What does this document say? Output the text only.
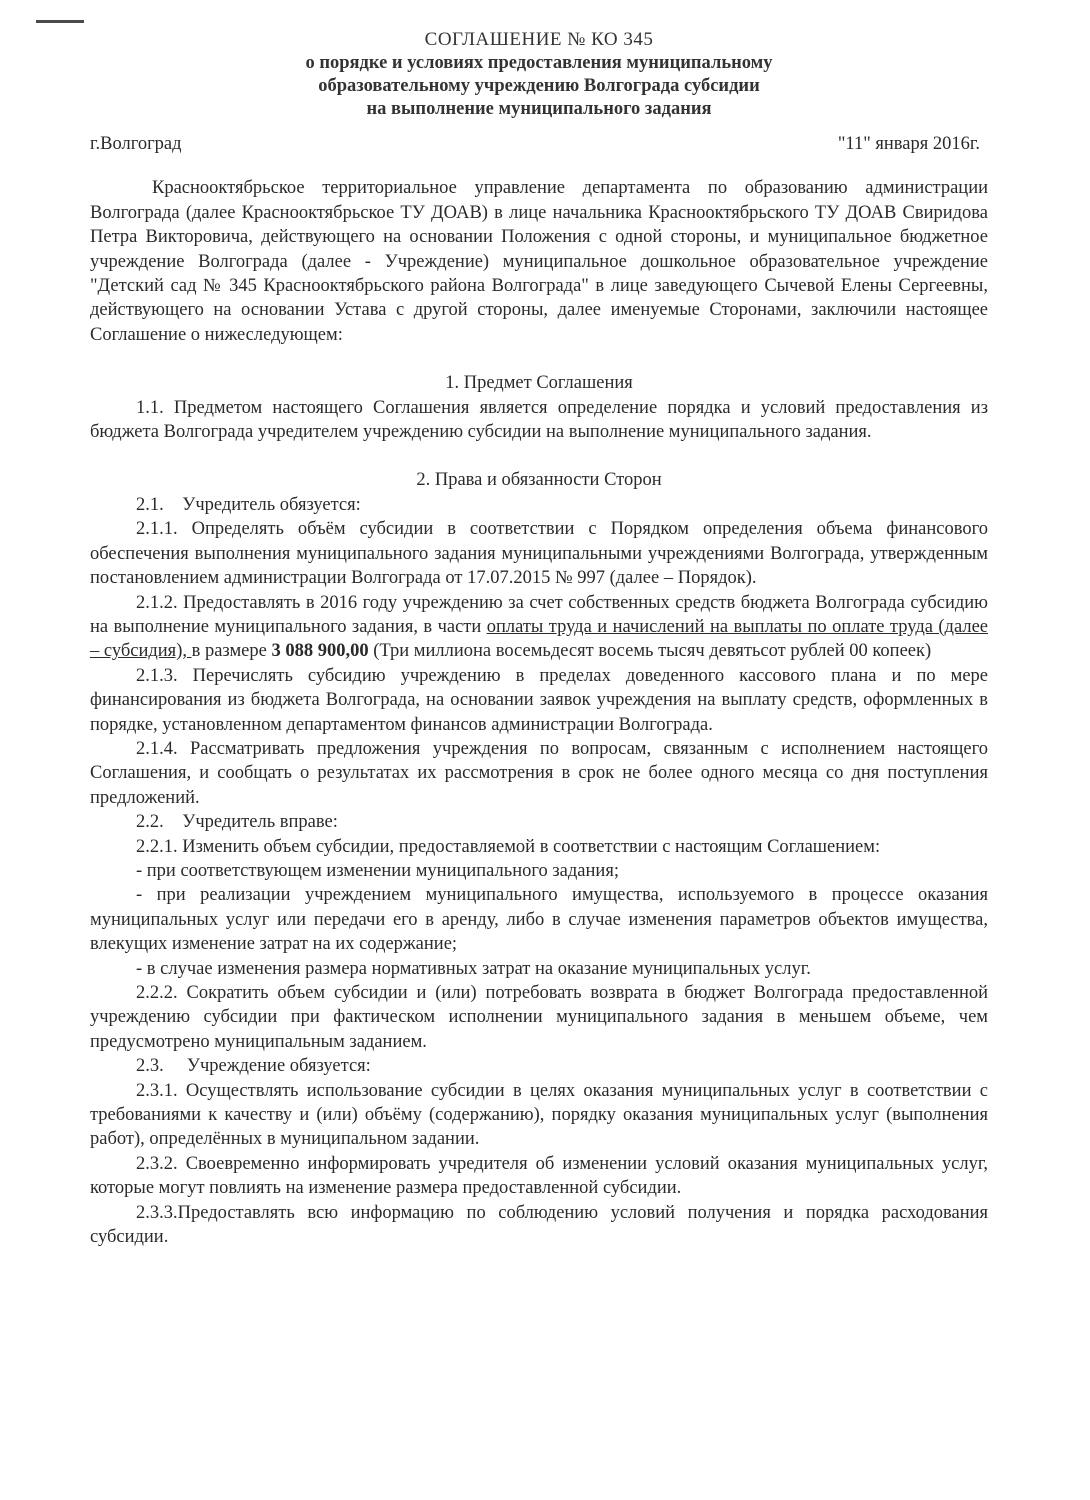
СОГЛАШЕНИЕ № КО 345
о порядке и условиях предоставления муниципальному
образовательному учреждению Волгограда субсидии
на выполнение муниципального задания
г.Волгоград	"11" января 2016г.

Краснооктябрьское территориальное управление департамента по образованию администрации Волгограда (далее Краснооктябрьское ТУ ДОАВ) в лице начальника Краснооктябрьского ТУ ДОАВ Свиридова Петра Викторовича, действующего на основании Положения с одной стороны, и муниципальное бюджетное учреждение Волгограда (далее - Учреждение) муниципальное дошкольное образовательное учреждение "Детский сад № 345 Краснооктябрьского района Волгограда" в лице заведующего Сычевой Елены Сергеевны, действующего на основании Устава с другой стороны, далее именуемые Сторонами, заключили настоящее Соглашение о нижеследующем:

1. Предмет Соглашения

1.1. Предметом настоящего Соглашения является определение порядка и условий предоставления из бюджета Волгограда учредителем учреждению субсидии на выполнение муниципального задания.

2. Права и обязанности Сторон

2.1.    Учредитель обязуется:

2.1.1. Определять объём субсидии в соответствии с Порядком определения объема финансового обеспечения выполнения муниципального задания муниципальными учреждениями Волгограда, утвержденным постановлением администрации Волгограда от 17.07.2015 № 997 (далее – Порядок).

2.1.2. Предоставлять в 2016 году учреждению за счет собственных средств бюджета Волгограда субсидию на выполнение муниципального задания, в части оплаты труда и начислений на выплаты по оплате труда (далее – субсидия), в размере 3 088 900,00 (Три миллиона восемьдесят восемь тысяч девятьсот рублей 00 копеек)

2.1.3. Перечислять субсидию учреждению в пределах доведенного кассового плана и по мере финансирования из бюджета Волгограда, на основании заявок учреждения на выплату средств, оформленных в порядке, установленном департаментом финансов администрации Волгограда.

2.1.4. Рассматривать предложения учреждения по вопросам, связанным с исполнением настоящего Соглашения, и сообщать о результатах их рассмотрения в срок не более одного месяца со дня поступления предложений.

2.2.    Учредитель вправе:

2.2.1. Изменить объем субсидии, предоставляемой в соответствии с настоящим Соглашением:

- при соответствующем изменении муниципального задания;

- при реализации учреждением муниципального имущества, используемого в процессе оказания муниципальных услуг или передачи его в аренду, либо в случае изменения параметров объектов имущества, влекущих изменение затрат на их содержание;

- в случае изменения размера нормативных затрат на оказание муниципальных услуг.

2.2.2. Сократить объем субсидии и (или) потребовать возврата в бюджет Волгограда предоставленной учреждению субсидии при фактическом исполнении муниципального задания в меньшем объеме, чем предусмотрено муниципальным заданием.

2.3.     Учреждение обязуется:

2.3.1. Осуществлять использование субсидии в целях оказания муниципальных услуг в соответствии с требованиями к качеству и (или) объёму (содержанию), порядку оказания муниципальных услуг (выполнения работ), определённых в муниципальном задании.

2.3.2. Своевременно информировать учредителя об изменении условий оказания муниципальных услуг, которые могут повлиять на изменение размера предоставленной субсидии.

2.3.3.Предоставлять всю информацию по соблюдению условий получения и порядка расходования субсидии.
